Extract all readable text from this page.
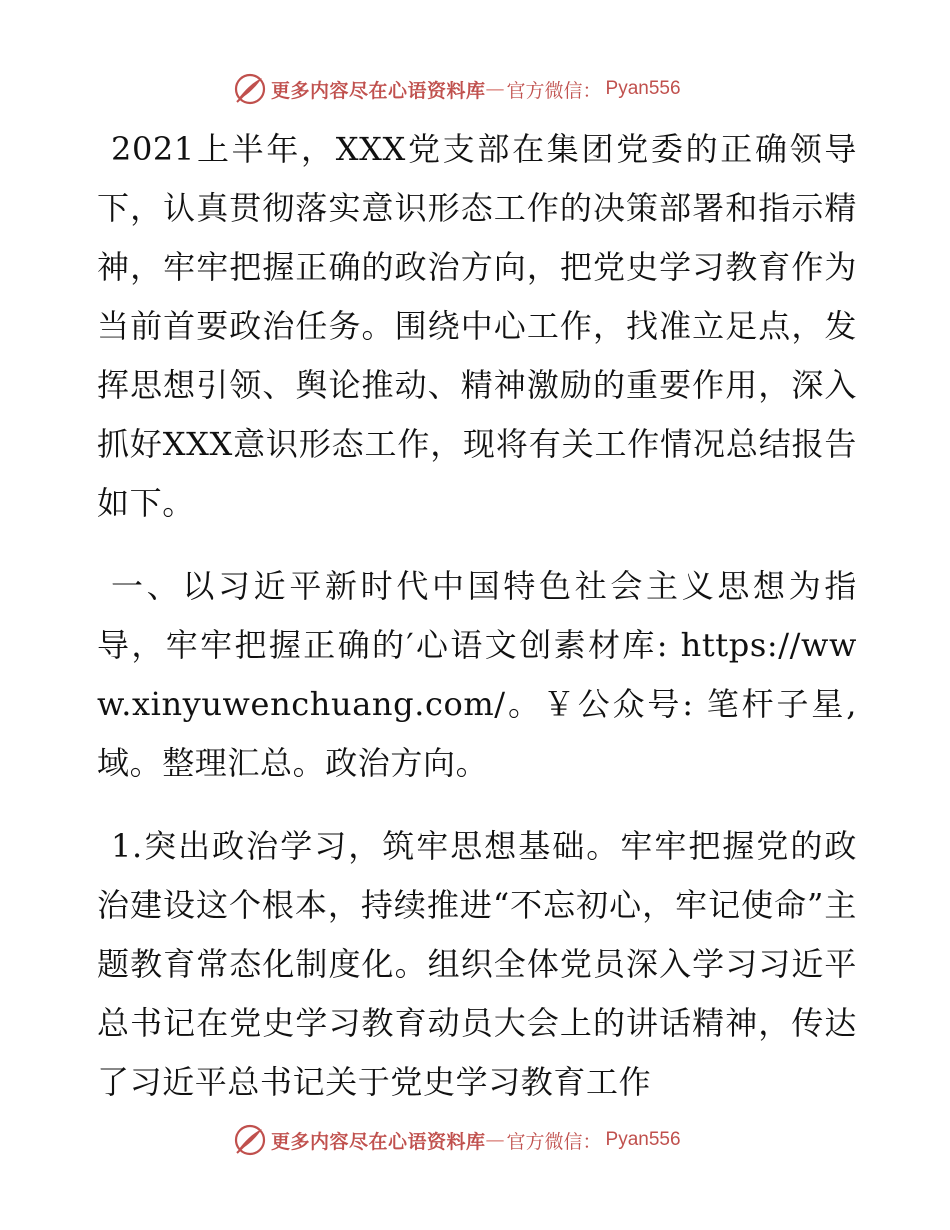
更多内容尽在心语资料库 — 官方微信： Pyan556

2021上半年，XXX党支部在集团党委的正确领导下，认真贯彻落实意识形态工作的决策部署和指示精神，牢牢把握正确的政治方向，把党史学习教育作为当前首要政治任务。围绕中心工作，找准立足点，发挥思想引领、舆论推动、精神激励的重要作用，深入抓好XXX意识形态工作，现将有关工作情况总结报告如下。

一、以习近平新时代中国特色社会主义思想为指导，牢牢把握正确的′心语文创素材库: https://www.xinyuwenchuang.com/。￥公众号: 笔杆子星,域。整理汇总。政治方向。

1.突出政治学习，筑牢思想基础。牢牢把握党的政治建设这个根本，持续推进“不忘初心，牢记使命”主题教育常态化制度化。组织全体党员深入学习习近平总书记在党史学习教育动员大会上的讲话精神，传达了习近平总书记关于党史学习教育工作

更多内容尽在心语资料库 — 官方微信： Pyan556
